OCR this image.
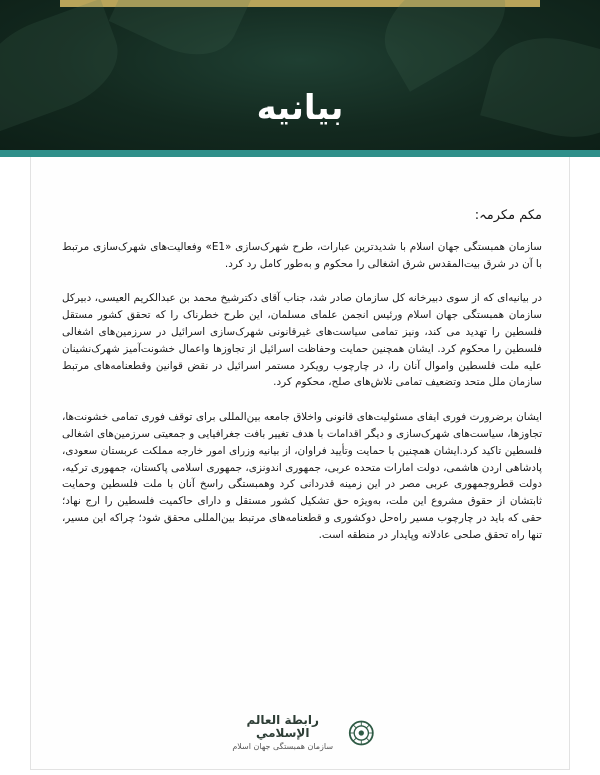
بیانیه
مکم مکرمہ:

سازمان همبستگی جهان اسلام با شدیدترین عبارات، طرح شهرک‌سازی «E1» وفعالیت‌های شهرک‌سازی مرتبط با آن در شرق بیت‌المقدس شرق اشغالی را محکوم و به‌طور کامل رد کرد.

در بیانیه‌ای که از سوی دبیرخانه کل سازمان صادر شد، جناب آقای دکترشیخ محمد بن عبدالکریم العیسی، دبیرکل سازمان همبستگی جهان اسلام ورئیس انجمن علمای مسلمان، این طرح خطرناک را که تحقق کشور مستقل فلسطین را تهدید می کند، ونیز تمامی سیاست‌های غیرقانونی شهرک‌سازی اسرائیل در سرزمین‌های اشغالی فلسطین را محکوم کرد. ایشان همچنین حمایت وحفاظت اسرائیل از تجاوزها واعمال خشونت‌آمیز شهرک‌نشینان علیه ملت فلسطین واموال آنان را، در چارچوب رویکرد مستمر اسرائیل در نقض قوانین وقطعنامه‌های مرتبط سازمان ملل متحد وتضعیف تمامی تلاش‌های صلح، محکوم کرد.

ایشان برضرورت فوری ایفای مسئولیت‌های قانونی واخلاق جامعه بین‌المللی برای توقف فوری تمامی خشونت‌ها، تجاوزها، سیاست‌های شهرک‌سازی و دیگر اقدامات با هدف تغییر بافت جغرافیایی و جمعیتی سرزمین‌های اشغالی فلسطین تاکید کرد.ایشان همچنین با حمایت وتأیید فراوان، از بیانیه وزرای امور خارجه مملکت عربستان سعودی، پادشاهی اردن هاشمی، دولت امارات متحده عربی، جمهوری اندونزی، جمهوری اسلامی پاکستان، جمهوری ترکیه، دولت قطروجمهوری عربی مصر در این زمینه قدردانی کرد وهمبستگی راسخ آنان با ملت فلسطین وحمایت ثابتشان از حقوق مشروع این ملت، به‌ویژه حق تشکیل کشور مستقل و دارای حاکمیت فلسطین را ارج نهاد؛ حقی که باید در چارچوب مسیر راه‌حل دوکشوری و قطعنامه‌های مرتبط بین‌المللی محقق شود؛ چراکه این مسیر، تنها راه تحقق صلحی عادلانه وپایدار در منطقه است.

رابطة العالم الإسلامي
سازمان همبستگی جهان اسلام
